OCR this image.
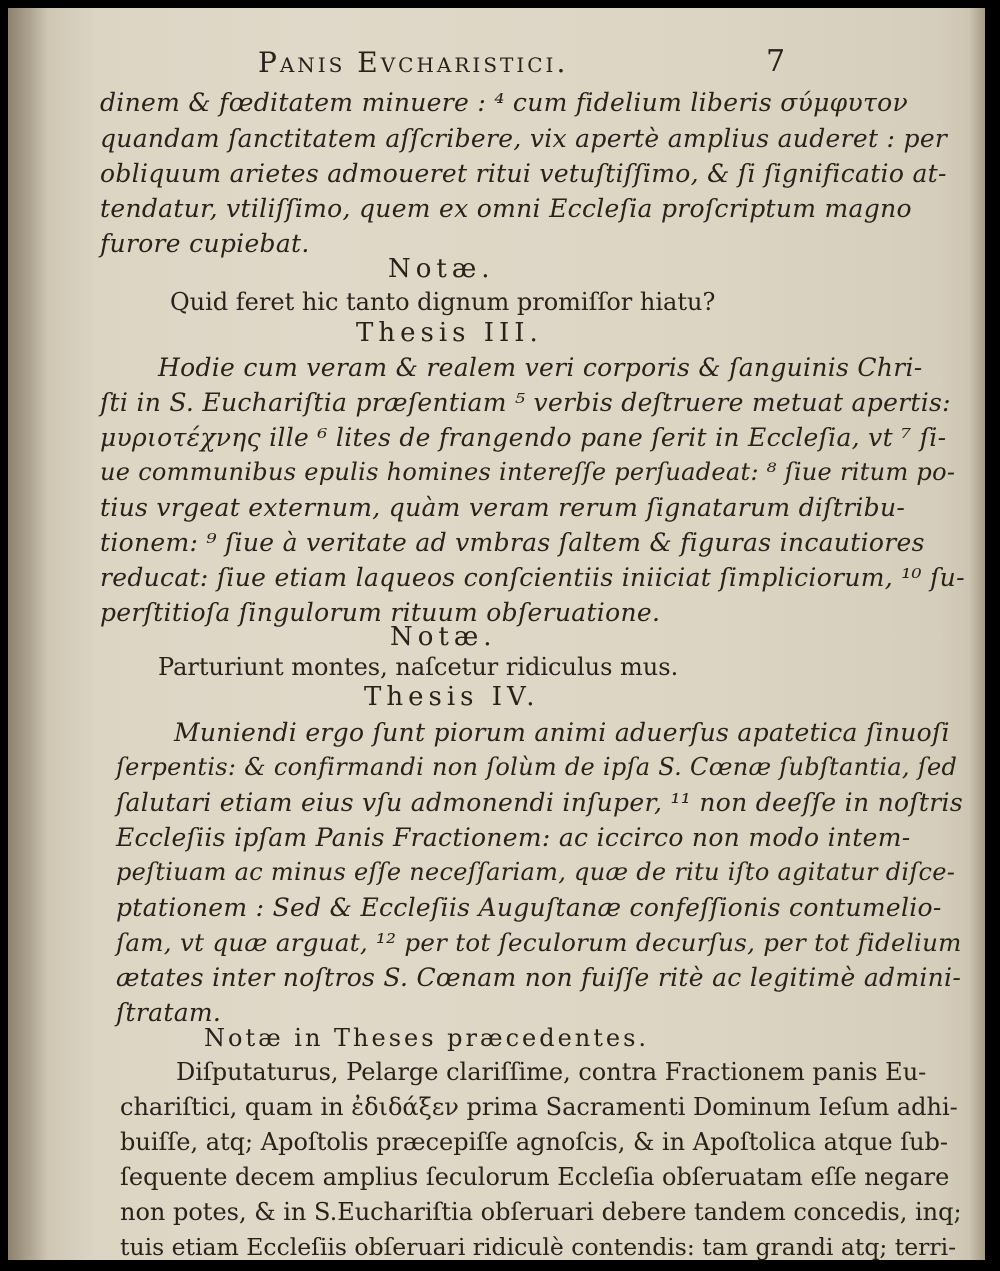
Panis Evcharistici.	7
dinem & fœditatem minuere : ⁴ cum fidelium liberis σύμφυτον
quandam ſanctitatem aſſcribere, vix apertè amplius auderet : per
obliquum arietes admoueret ritui vetuſtiſſimo, & ſi ſignificatio at-
tendatur, vtiliſſimo, quem ex omni Eccleſia proſcriptum magno
furore cupiebat.
Notæ.
Quid feret hic tanto dignum promiſſor hiatu?
Thesis III.
Hodie cum veram & realem veri corporis & ſanguinis Chri-
ſti in S. Euchariſtia præſentiam ⁵ verbis deſtruere metuat apertis:
μυριοτέχνης ille ⁶ lites de frangendo pane ſerit in Eccleſia, vt ⁷ ſi-
ue communibus epulis homines intereſſe perſuadeat: ⁸ ſiue ritum po-
tius vrgeat externum, quàm veram rerum ſignatarum diſtribu-
tionem: ⁹ ſiue à veritate ad vmbras ſaltem & figuras incautiores
reducat: ſiue etiam laqueos conſcientiis iniiciat ſimpliciorum, ¹⁰ ſu-
perſtitioſa ſingulorum rituum obſeruatione.
Notæ.
Parturiunt montes, naſcetur ridiculus mus.
Thesis IV.
Muniendi ergo ſunt piorum animi aduerſus apatetica ſinuoſi
ſerpentis: & confirmandi non ſolùm de ipſa S. Cœnæ ſubſtantia, ſed
ſalutari etiam eius vſu admonendi inſuper, ¹¹ non deeſſe in noſtris
Eccleſiis ipſam Panis Fractionem: ac iccirco non modo intem-
peſtiuam ac minus eſſe neceſſariam, quæ de ritu iſto agitatur diſce-
ptationem : Sed & Eccleſiis Auguſtanæ confeſſionis contumelio-
ſam, vt quæ arguat, ¹² per tot ſeculorum decurſus, per tot fidelium
ætates inter noſtros S. Cœnam non fuiſſe ritè ac legitimè admini-
ſtratam.
Notæ in Theses præcedentes.
Diſputaturus, Pelarge clariſſime, contra Fractionem panis Eu-
chariſtici, quam in ἐδιδάξεν prima Sacramenti Dominum Ieſum adhi-
buiſſe, atq; Apoſtolis præcepiſſe agnoſcis, & in Apoſtolica atque ſub-
ſequente decem amplius ſeculorum Eccleſia obſeruatam eſſe negare
non potes, & in S.Euchariſtia obſeruari debere tandem concedis, inq;
tuis etiam Eccleſiis obſeruari ridiculè contendis: tam grandi atq; terri-
